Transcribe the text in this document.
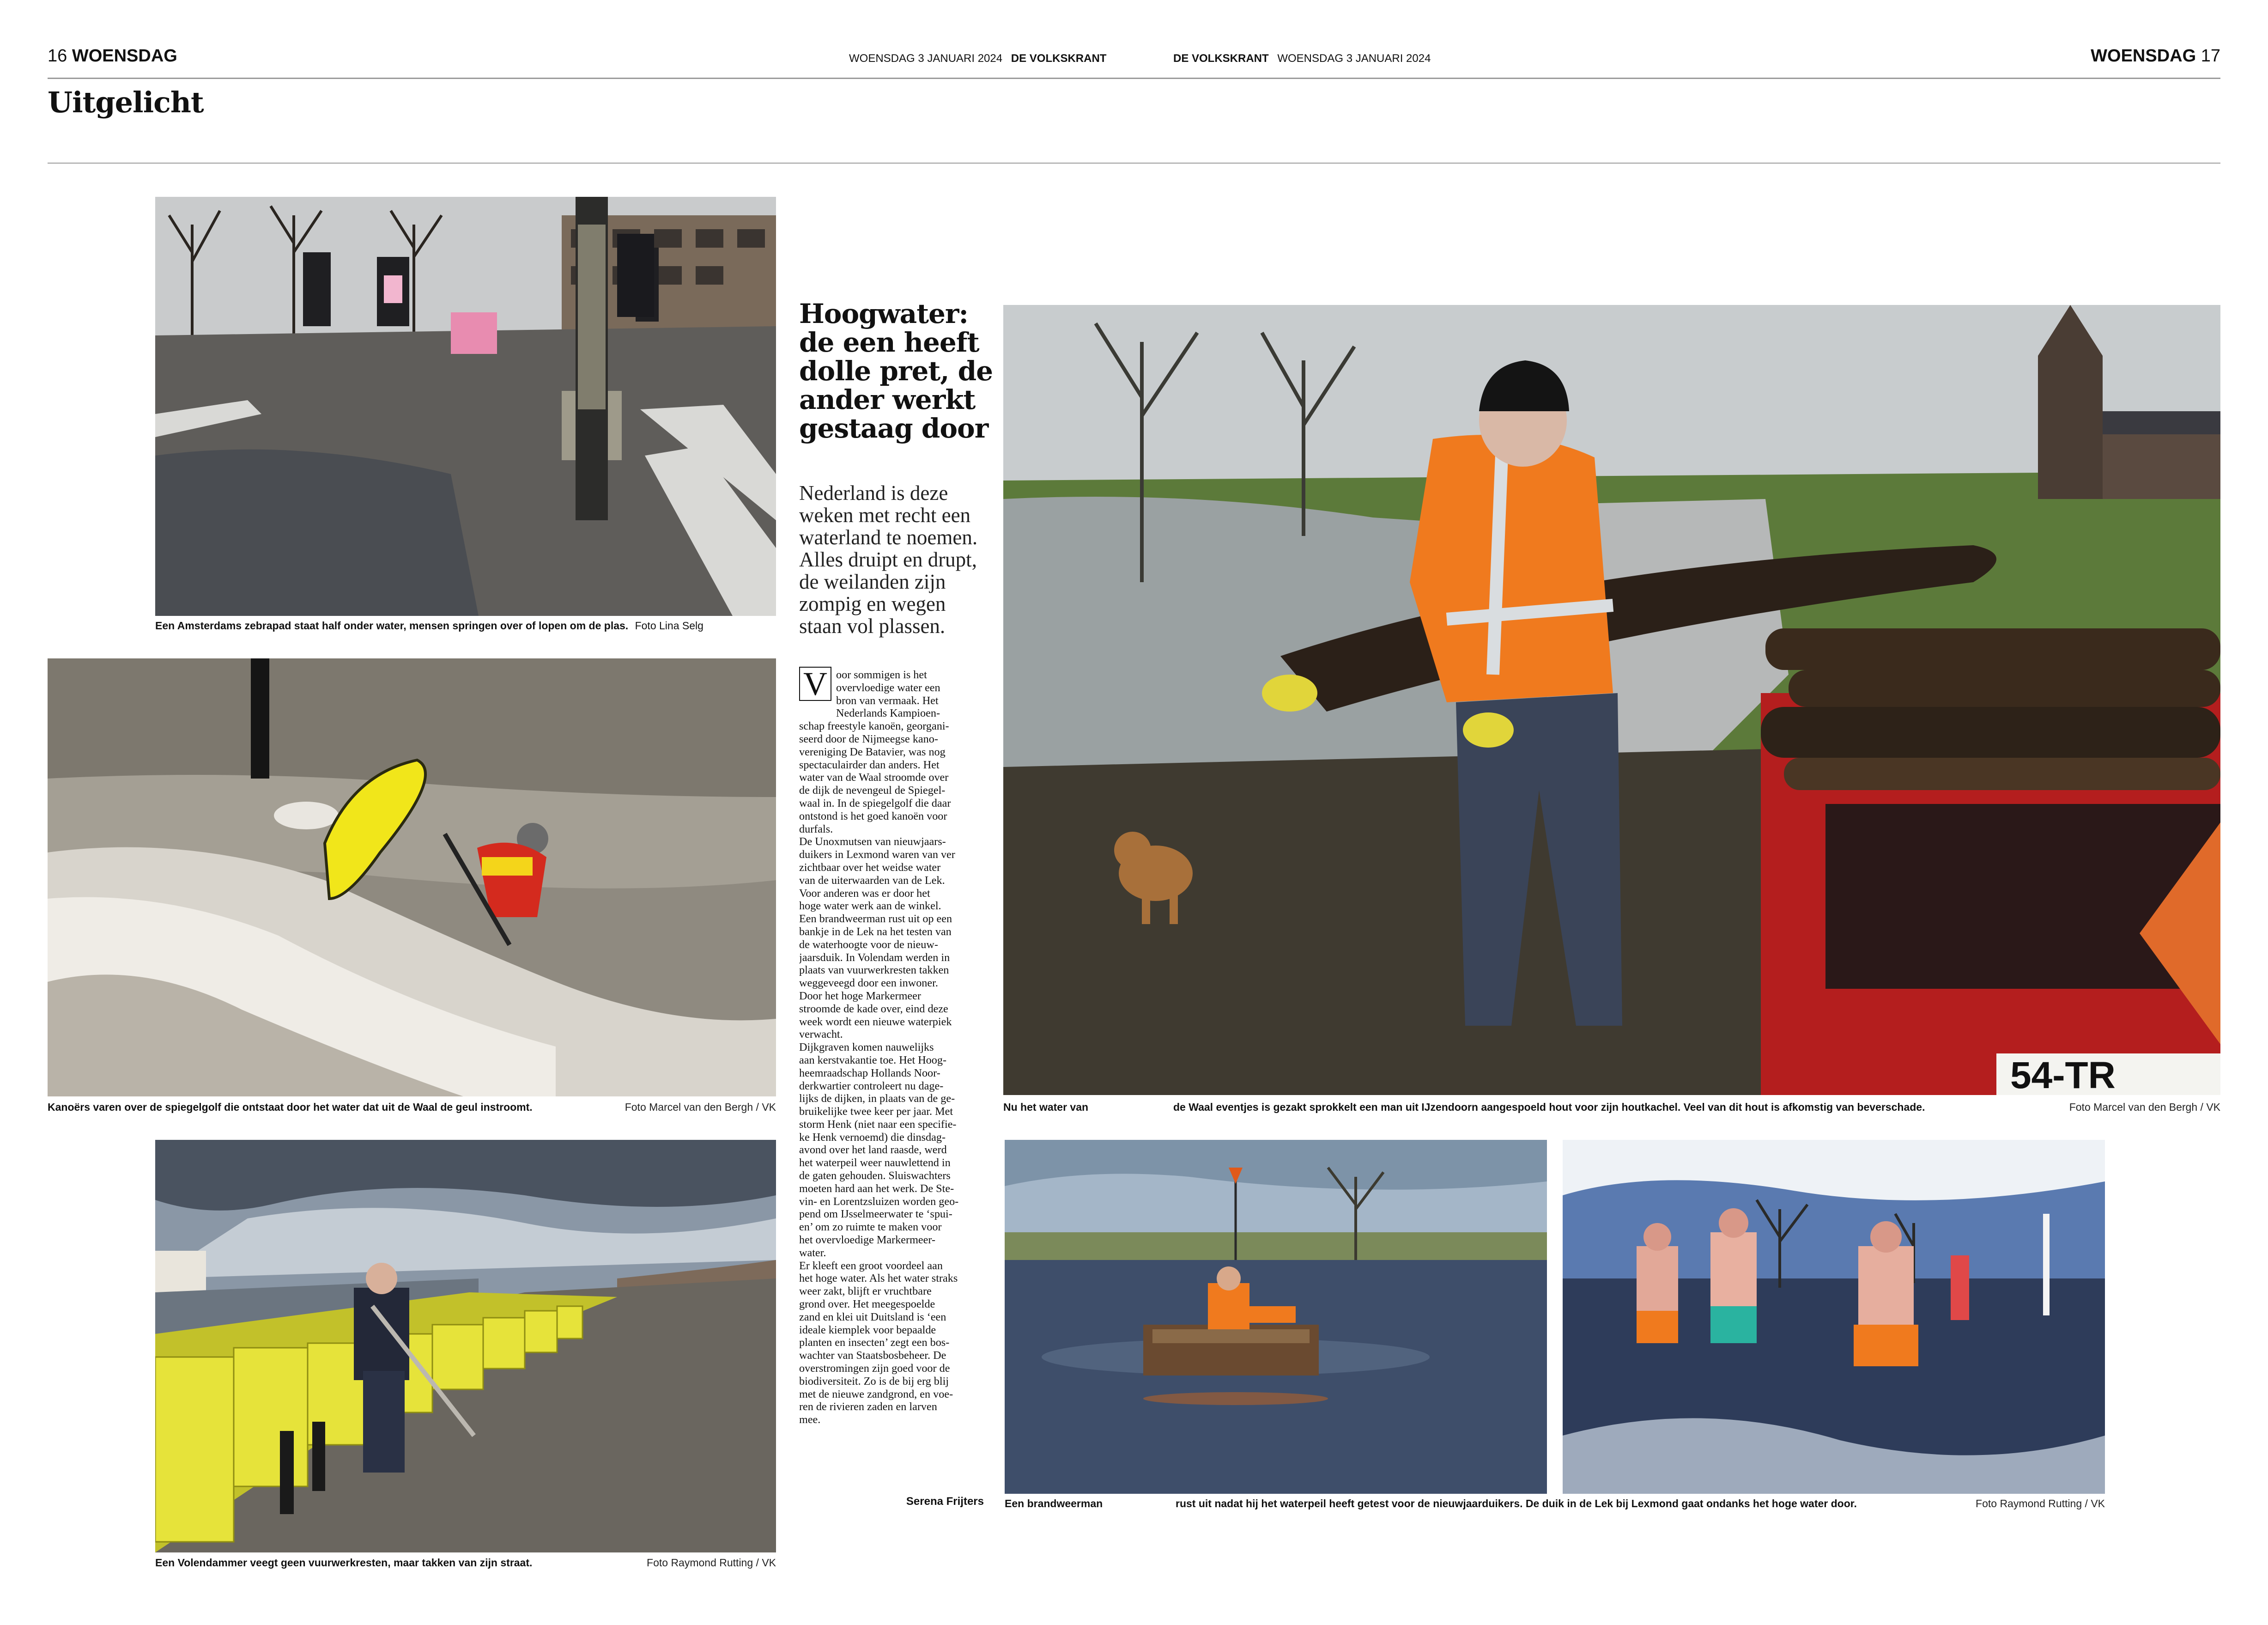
16 WOENSDAG	WOENSDAG 3 JANUARI 2024 DE VOLKSKRANT	DE VOLKSKRANT WOENSDAG 3 JANUARI 2024	WOENSDAG 17
Uitgelicht
Een Amsterdams zebrapad staat half onder water, mensen springen over of lopen om de plas. Foto Lina Selg
Kanoërs varen over de spiegelgolf die ontstaat door het water dat uit de Waal de geul instroomt.	Foto Marcel van den Bergh / VK
Een Volendammer veegt geen vuurwerkresten, maar takken van zijn straat.	Foto Raymond Rutting / VK
Hoogwater:
de een heeft
dolle pret, de
ander werkt
gestaag door
Nederland is deze
weken met recht een
waterland te noemen.
Alles druipt en drupt,
de weilanden zijn
zompig en wegen
staan vol plassen.
V oor sommigen is het
overvloedige water een
bron van vermaak. Het
Nederlands Kampioen-
schap freestyle kanoën, georgani-
seerd door de Nijmeegse kano-
vereniging De Batavier, was nog
spectaculairder dan anders. Het
water van de Waal stroomde over
de dijk de nevengeul de Spiegel-
waal in. In de spiegelgolf die daar
ontstond is het goed kanoën voor
durfals.
De Unoxmutsen van nieuwjaars-
duikers in Lexmond waren van ver
zichtbaar over het weidse water
van de uiterwaarden van de Lek.
Voor anderen was er door het
hoge water werk aan de winkel.
Een brandweerman rust uit op een
bankje in de Lek na het testen van
de waterhoogte voor de nieuw-
jaarsduik. In Volendam werden in
plaats van vuurwerkresten takken
weggeveegd door een inwoner.
Door het hoge Markermeer
stroomde de kade over, eind deze
week wordt een nieuwe waterpiek
verwacht.
Dijkgraven komen nauwelijks
aan kerstvakantie toe. Het Hoog-
heemraadschap Hollands Noor-
derkwartier controleert nu dage-
lijks de dijken, in plaats van de ge-
bruikelijke twee keer per jaar. Met
storm Henk (niet naar een specifie-
ke Henk vernoemd) die dinsdag-
avond over het land raasde, werd
het waterpeil weer nauwlettend in
de gaten gehouden. Sluiswachters
moeten hard aan het werk. De Ste-
vin- en Lorentzsluizen worden geo-
pend om IJsselmeerwater te ‘spui-
en’ om zo ruimte te maken voor
het overvloedige Markermeer-
water.
Er kleeft een groot voordeel aan
het hoge water. Als het water straks
weer zakt, blijft er vruchtbare
grond over. Het meegespoelde
zand en klei uit Duitsland is ‘een
ideale kiemplek voor bepaalde
planten en insecten’ zegt een bos-
wachter van Staatsbosbeheer. De
overstromingen zijn goed voor de
biodiversiteit. Zo is de bij erg blij
met de nieuwe zandgrond, en voe-
ren de rivieren zaden en larven
mee.
Serena Frijters
54-TR
Nu het water van	de Waal eventjes is gezakt sprokkelt een man uit IJzendoorn aangespoeld hout voor zijn houtkachel. Veel van dit hout is afkomstig van beverschade.	Foto Marcel van den Bergh / VK
Een brandweerman	rust uit nadat hij het waterpeil heeft getest voor de nieuwjaarduikers. De duik in de Lek bij Lexmond gaat ondanks het hoge water door.	Foto Raymond Rutting / VK
